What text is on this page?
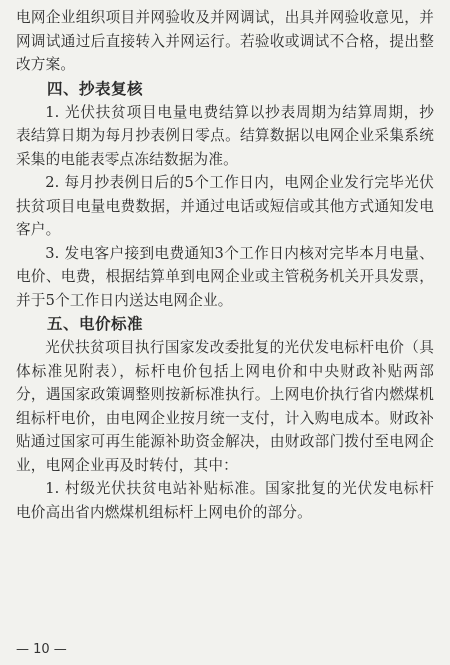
电网企业组织项目并网验收及并网调试，出具并网验收意见，并网调试通过后直接转入并网运行。若验收或调试不合格，提出整改方案。

四、抄表复核

1. 光伏扶贫项目电量电费结算以抄表周期为结算周期，抄表结算日期为每月抄表例日零点。结算数据以电网企业采集系统采集的电能表零点冻结数据为准。

2. 每月抄表例日后的5个工作日内，电网企业发行完毕光伏扶贫项目电量电费数据，并通过电话或短信或其他方式通知发电客户。

3. 发电客户接到电费通知3个工作日内核对完毕本月电量、电价、电费，根据结算单到电网企业或主管税务机关开具发票，并于5个工作日内送达电网企业。

五、电价标准

光伏扶贫项目执行国家发改委批复的光伏发电标杆电价（具体标准见附表），标杆电价包括上网电价和中央财政补贴两部分，遇国家政策调整则按新标准执行。上网电价执行省内燃煤机组标杆电价，由电网企业按月统一支付，计入购电成本。财政补贴通过国家可再生能源补助资金解决，由财政部门拨付至电网企业，电网企业再及时转付，其中：

1. 村级光伏扶贫电站补贴标准。国家批复的光伏发电标杆电价高出省内燃煤机组标杆上网电价的部分。

— 10 —
